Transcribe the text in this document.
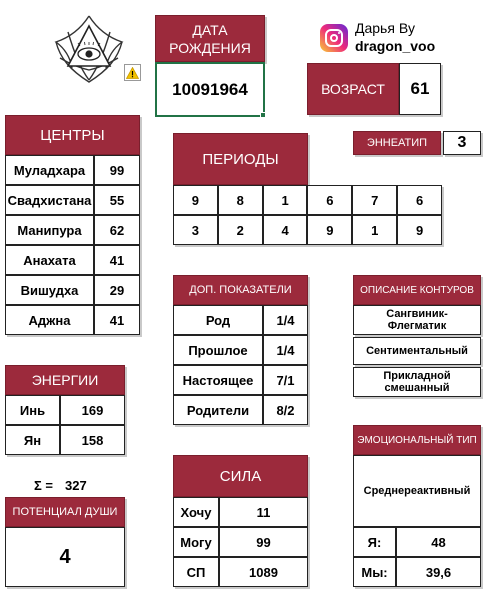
ДАТА РОЖДЕНИЯ
10091964
Дарья Ву
dragon_voo
ВОЗРАСТ 61
ЦЕНТРЫ
Муладхара	99
Свадхистана	55
Манипура	62
Анахата	41
Вишудха	29
Аджна	41
ЭННЕАТИП 3
ПЕРИОДЫ
9	8	1	6	7	6
3	2	4	9	1	9
ДОП. ПОКАЗАТЕЛИ
Род	1/4
Прошлое	1/4
Настоящее	7/1
Родители	8/2
ОПИСАНИЕ КОНТУРОВ
Сангвиник-Флегматик
Сентиментальный
Прикладной смешанный
ЭНЕРГИИ
Инь	169
Ян	158
Σ = 327
ПОТЕНЦИАЛ ДУШИ
4
СИЛА
Хочу	11
Могу	99
СП	1089
ЭМОЦИОНАЛЬНЫЙ ТИП
Среднереактивный
Я:	48
Мы:	39,6
